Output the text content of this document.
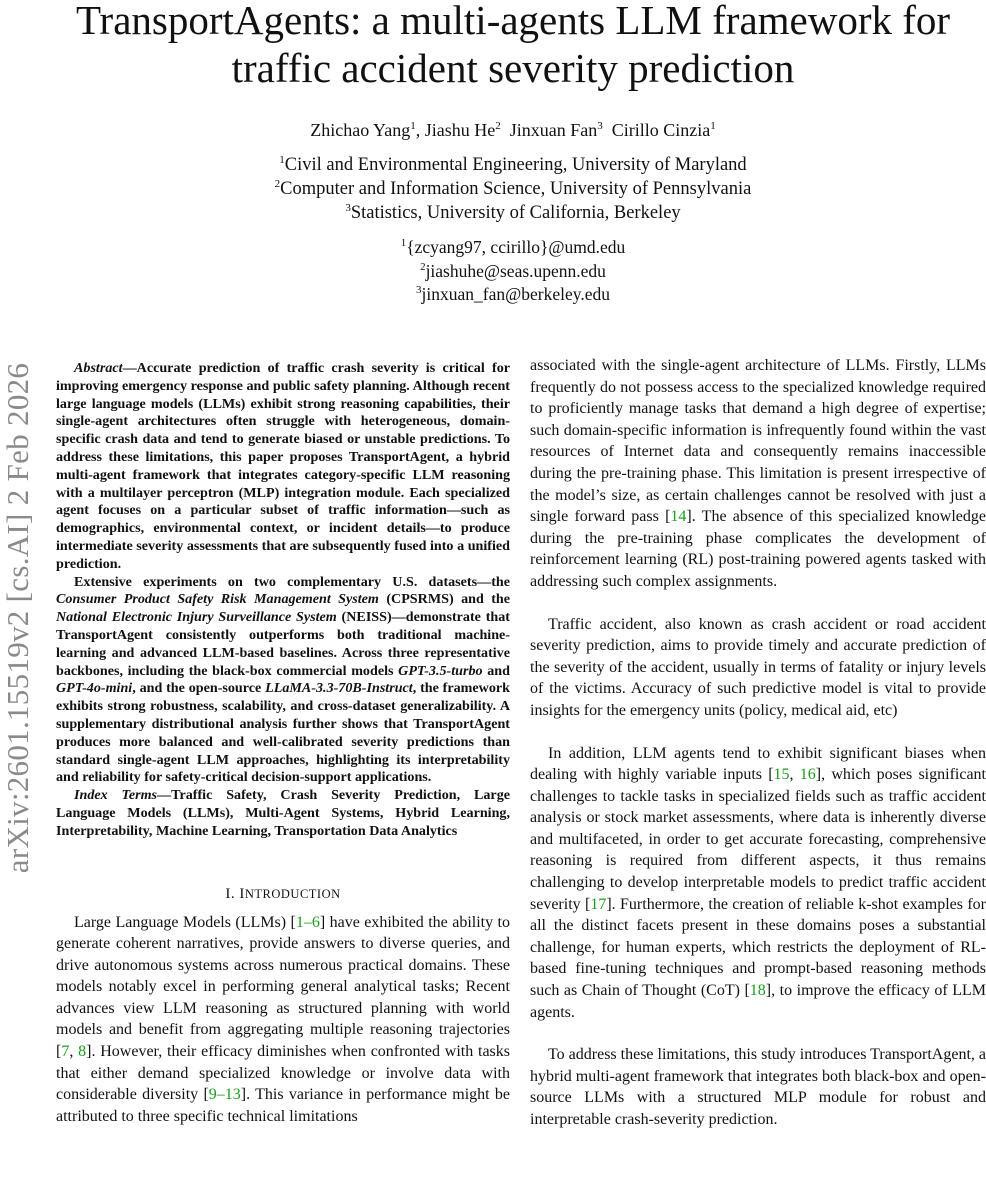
arXiv:2601.15519v2 [cs.AI] 2 Feb 2026
TransportAgents: a multi-agents LLM framework for traffic accident severity prediction
Zhichao Yang$^1$, Jiashu He$^2$ Jinxuan Fan$^3$ Cirillo Cinzia$^1$
$^1$Civil and Environmental Engineering, University of Maryland
$^2$Computer and Information Science, University of Pennsylvania
$^3$Statistics, University of California, Berkeley
$^1${zcyang97, ccirillo}@umd.edu
$^2$jiashuhe@seas.upenn.edu
$^3$jinxuan_fan@berkeley.edu

Abstract—Accurate prediction of traffic crash severity is critical for improving emergency response and public safety planning. Although recent large language models (LLMs) exhibit strong reasoning capabilities, their single-agent architectures often struggle with heterogeneous, domain-specific crash data and tend to generate biased or unstable predictions. To address these limitations, this paper proposes TransportAgent, a hybrid multi-agent framework that integrates category-specific LLM reasoning with a multilayer perceptron (MLP) integration module. Each specialized agent focuses on a particular subset of traffic information—such as demographics, environmental context, or incident details—to produce intermediate severity assessments that are subsequently fused into a unified prediction.

Extensive experiments on two complementary U.S. datasets—the Consumer Product Safety Risk Management System (CPSRMS) and the National Electronic Injury Surveillance System (NEISS)—demonstrate that TransportAgent consistently outperforms both traditional machine-learning and advanced LLM-based baselines. Across three representative backbones, including the black-box commercial models GPT-3.5-turbo and GPT-4o-mini, and the open-source LLaMA-3.3-70B-Instruct, the framework exhibits strong robustness, scalability, and cross-dataset generalizability. A supplementary distributional analysis further shows that TransportAgent produces more balanced and well-calibrated severity predictions than standard single-agent LLM approaches, highlighting its interpretability and reliability for safety-critical decision-support applications.

Index Terms—Traffic Safety, Crash Severity Prediction, Large Language Models (LLMs), Multi-Agent Systems, Hybrid Learning, Interpretability, Machine Learning, Transportation Data Analytics

I. INTRODUCTION

Large Language Models (LLMs) [1–6] have exhibited the ability to generate coherent narratives, provide answers to diverse queries, and drive autonomous systems across numerous practical domains. These models notably excel in performing general analytical tasks; Recent advances view LLM reasoning as structured planning with world models and benefit from aggregating multiple reasoning trajectories [7, 8]. However, their efficacy diminishes when confronted with tasks that either demand specialized knowledge or involve data with considerable diversity [9–13]. This variance in performance might be attributed to three specific technical limitations

associated with the single-agent architecture of LLMs. Firstly, LLMs frequently do not possess access to the specialized knowledge required to proficiently manage tasks that demand a high degree of expertise; such domain-specific information is infrequently found within the vast resources of Internet data and consequently remains inaccessible during the pre-training phase. This limitation is present irrespective of the model’s size, as certain challenges cannot be resolved with just a single forward pass [14]. The absence of this specialized knowledge during the pre-training phase complicates the development of reinforcement learning (RL) post-training powered agents tasked with addressing such complex assignments.

Traffic accident, also known as crash accident or road accident severity prediction, aims to provide timely and accurate prediction of the severity of the accident, usually in terms of fatality or injury levels of the victims. Accuracy of such predictive model is vital to provide insights for the emergency units (policy, medical aid, etc)

In addition, LLM agents tend to exhibit significant biases when dealing with highly variable inputs [15, 16], which poses significant challenges to tackle tasks in specialized fields such as traffic accident analysis or stock market assessments, where data is inherently diverse and multifaceted, in order to get accurate forecasting, comprehensive reasoning is required from different aspects, it thus remains challenging to develop interpretable models to predict traffic accident severity [17]. Furthermore, the creation of reliable k-shot examples for all the distinct facets present in these domains poses a substantial challenge, for human experts, which restricts the deployment of RL-based fine-tuning techniques and prompt-based reasoning methods such as Chain of Thought (CoT) [18], to improve the efficacy of LLM agents.

To address these limitations, this study introduces TransportAgent, a hybrid multi-agent framework that integrates both black-box and open-source LLMs with a structured MLP module for robust and interpretable crash-severity prediction.
